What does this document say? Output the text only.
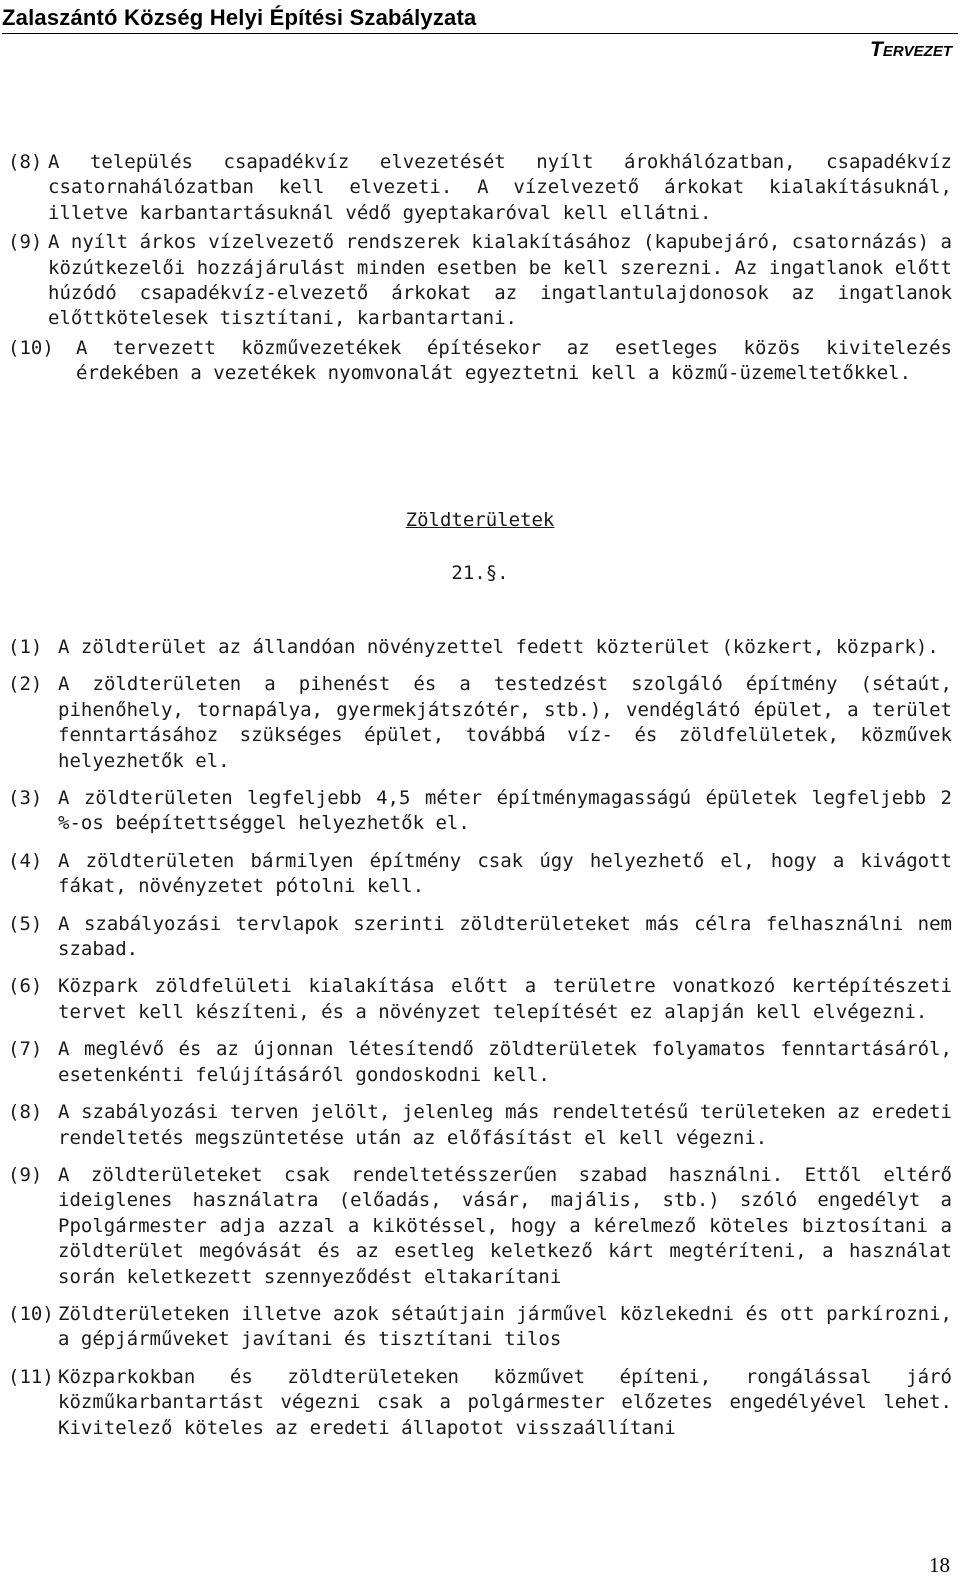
Zalaszántó Község Helyi Építési Szabályzata
TERVEZET
(8) A település csapadékvíz elvezetését nyílt árokhálózatban, csapadékvíz csatornahálózatban kell elvezeti. A vízelvezető árkokat kialakításuknál, illetve karbantartásuknál védő gyeptakaróval kell ellátni.
(9) A nyílt árkos vízelvezető rendszerek kialakításához (kapubejáró, csatornázás) a közútkezelői hozzájárulást minden esetben be kell szerezni. Az ingatlanok előtt húzódó csapadékvíz-elvezető árkokat az ingatlantulajdonosok az ingatlanok előttkötelesek tisztítani, karbantartani.
(10)	A tervezett közművezetékek építésekor az esetleges közös kivitelezés érdekében a vezetékek nyomvonalát egyeztetni kell a közmű-üzemeltetőkkel.
Zöldterületek
21.§.
(1) A zöldterület az állandóan növényzettel fedett közterület (közkert, közpark).
(2) A zöldterületen a pihenést és a testedzést szolgáló építmény (sétaút, pihenőhely, tornapálya, gyermekjátszótér, stb.), vendéglátó épület, a terület fenntartásához szükséges épület, továbbá víz- és zöldfelületek, közművek helyezhetők el.
(3) A zöldterületen legfeljebb 4,5 méter építménymagasságú épületek legfeljebb 2 %-os beépítettséggel helyezhetők el.
(4) A zöldterületen bármilyen építmény csak úgy helyezhető el, hogy a kivágott fákat, növényzetet pótolni kell.
(5) A szabályozási tervlapok szerinti zöldterületeket más célra felhasználni nem szabad.
(6) Közpark zöldfelületi kialakítása előtt a területre vonatkozó kertépítészeti tervet kell készíteni, és a növényzet telepítését ez alapján kell elvégezni.
(7) A meglévő és az újonnan létesítendő zöldterületek folyamatos fenntartásáról, esetenkénti felújításáról gondoskodni kell.
(8) A szabályozási terven jelölt, jelenleg más rendeltetésű területeken az eredeti rendeltetés megszüntetése után az előfásítást el kell végezni.
(9) A zöldterületeket csak rendeltetésszerűen szabad használni. Ettől eltérő ideiglenes használatra (előadás, vásár, majális, stb.) szóló engedélyt a Ppolgármester adja azzal a kikötéssel, hogy a kérelmező köteles biztosítani a zöldterület megóvását és az esetleg keletkező kárt megtéríteni, a használat során keletkezett szennyeződést eltakarítani
(10) Zöldterületeken illetve azok sétaútjain járművel közlekedni és ott parkírozni, a gépjárműveket javítani és tisztítani tilos
(11) Közparkokban és zöldterületeken közművet építeni, rongálással járó közműkarbantartást végezni csak a polgármester előzetes engedélyével lehet. Kivitelező köteles az eredeti állapotot visszaállítani
18
